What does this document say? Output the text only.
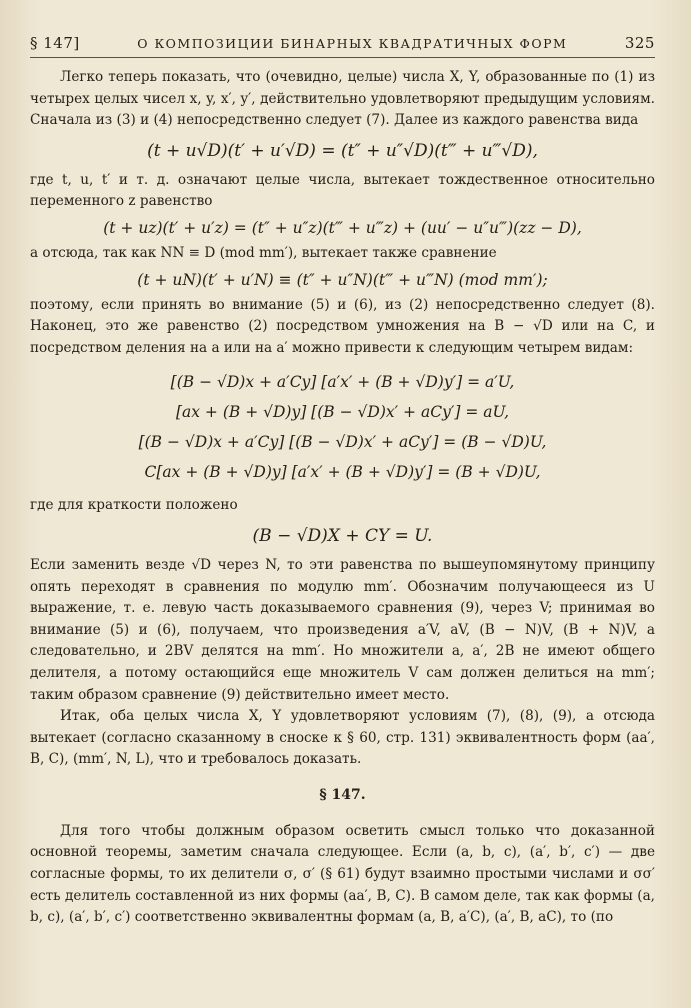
§ 147]	О КОМПОЗИЦИИ БИНАРНЫХ КВАДРАТИЧНЫХ ФОРМ	325

Легко теперь показать, что (очевидно, целые) числа X, Y, образованные по (1) из четырех целых чисел x, y, x′, y′, действительно удовлетворяют предыдущим условиям. Сначала из (3) и (4) непосредственно следует (7). Далее из каждого равенства вида

(t + u√D)(t′ + u′√D) = (t″ + u″√D)(t‴ + u‴√D),

где t, u, t′ и т. д. означают целые числа, вытекает тождественное относительно переменного z равенство

(t + uz)(t′ + u′z) = (t″ + u″z)(t‴ + u‴z) + (uu′ − u″u‴)(zz − D),

а отсюда, так как NN ≡ D (mod mm′), вытекает также сравнение

(t + uN)(t′ + u′N) ≡ (t″ + u″N)(t‴ + u‴N) (mod mm′);

поэтому, если принять во внимание (5) и (6), из (2) непосредственно следует (8). Наконец, это же равенство (2) посредством умножения на B − √D или на C, и посредством деления на a или на a′ можно привести к следующим четырем видам:

[(B − √D)x + a′Cy] [a′x′ + (B + √D)y′] = a′U,

[ax + (B + √D)y] [(B − √D)x′ + aCy′] = aU,

[(B − √D)x + a′Cy] [(B − √D)x′ + aCy′] = (B − √D)U,

C[ax + (B + √D)y] [a′x′ + (B + √D)y′] = (B + √D)U,

где для краткости положено

(B − √D)X + CY = U.

Если заменить везде √D через N, то эти равенства по вышеупомянутому принципу опять переходят в сравнения по модулю mm′. Обозначим получающееся из U выражение, т. е. левую часть доказываемого сравнения (9), через V; принимая во внимание (5) и (6), получаем, что произведения a′V, aV, (B − N)V, (B + N)V, а следовательно, и 2BV делятся на mm′. Но множители a, a′, 2B не имеют общего делителя, а потому остающийся еще множитель V сам должен делиться на mm′; таким образом сравнение (9) действительно имеет место.

Итак, оба целых числа X, Y удовлетворяют условиям (7), (8), (9), а отсюда вытекает (согласно сказанному в сноске к § 60, стр. 131) эквивалентность форм (aa′, B, C), (mm′, N, L), что и требовалось доказать.

§ 147.

Для того чтобы должным образом осветить смысл только что доказанной основной теоремы, заметим сначала следующее. Если (a, b, c), (a′, b′, c′) — две согласные формы, то их делители σ, σ′ (§ 61) будут взаимно простыми числами и σσ′ есть делитель составленной из них формы (aa′, B, C). В самом деле, так как формы (a, b, c), (a′, b′, c′) соответственно эквивалентны формам (a, B, a′C), (a′, B, aC), то (по
